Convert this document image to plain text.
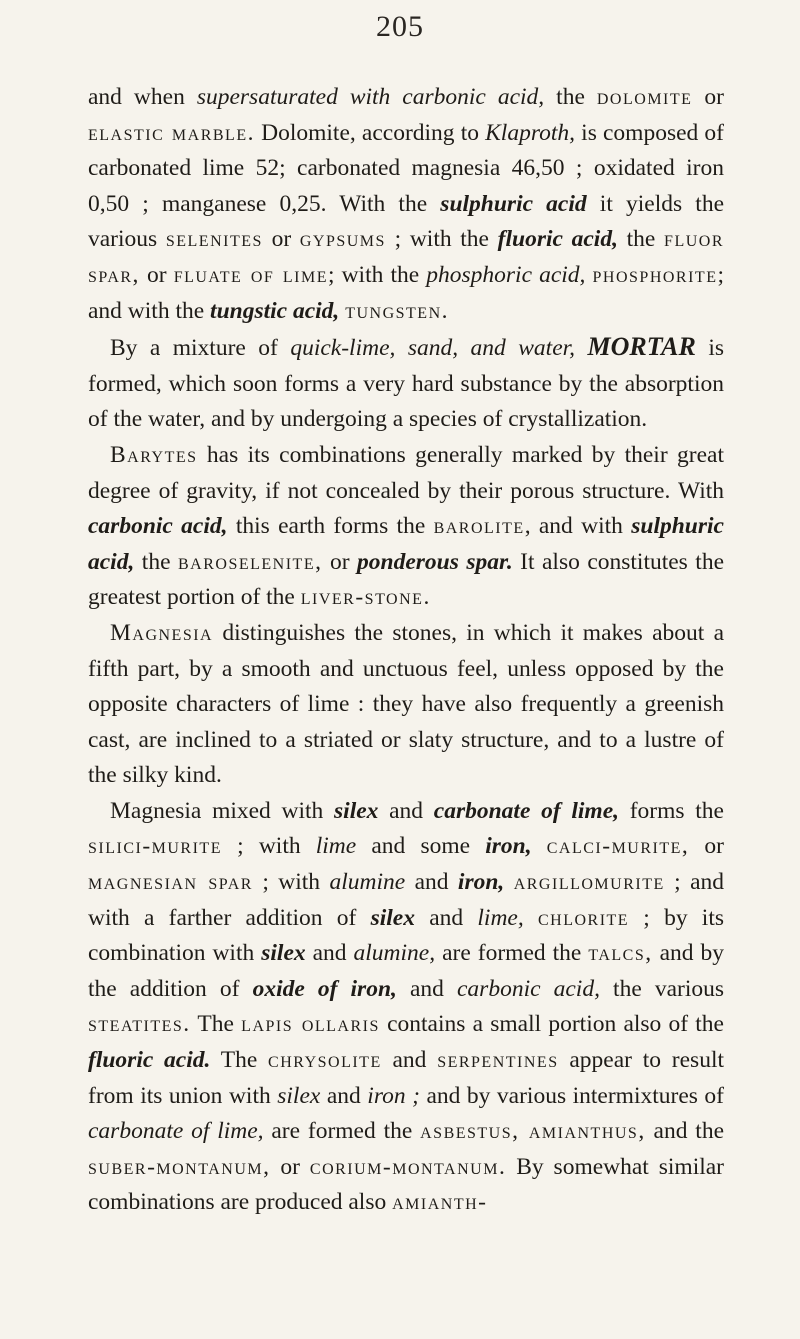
205

and when supersaturated with carbonic acid, the dolomite or elastic marble. Dolomite, according to Klaproth, is composed of carbonated lime 52; carbonated magnesia 46,50 ; oxidated iron 0,50 ; manganese 0,25. With the sulphuric acid it yields the various selenites or gypsums ; with the fluoric acid, the fluor spar, or fluate of lime; with the phosphoric acid, phosphorite; and with the tungstic acid, tungsten.

By a mixture of quick-lime, sand, and water, MORTAR is formed, which soon forms a very hard substance by the absorption of the water, and by undergoing a species of crystallization.

Barytes has its combinations generally marked by their great degree of gravity, if not concealed by their porous structure. With carbonic acid, this earth forms the barolite, and with sulphuric acid, the baroselenite, or ponderous spar. It also constitutes the greatest portion of the liver-stone.

Magnesia distinguishes the stones, in which it makes about a fifth part, by a smooth and unctuous feel, unless opposed by the opposite characters of lime : they have also frequently a greenish cast, are inclined to a striated or slaty structure, and to a lustre of the silky kind.

Magnesia mixed with silex and carbonate of lime, forms the silici-murite ; with lime and some iron, calci-murite, or magnesian spar ; with alumine and iron, argillomurite ; and with a farther addition of silex and lime, chlorite ; by its combination with silex and alumine, are formed the talcs, and by the addition of oxide of iron, and carbonic acid, the various steatites. The lapis ollaris contains a small portion also of the fluoric acid. The chrysolite and serpentines appear to result from its union with silex and iron ; and by various intermixtures of carbonate of lime, are formed the asbestus, amianthus, and the suber-montanum, or corium-montanum. By somewhat similar combinations are produced also amianth-
